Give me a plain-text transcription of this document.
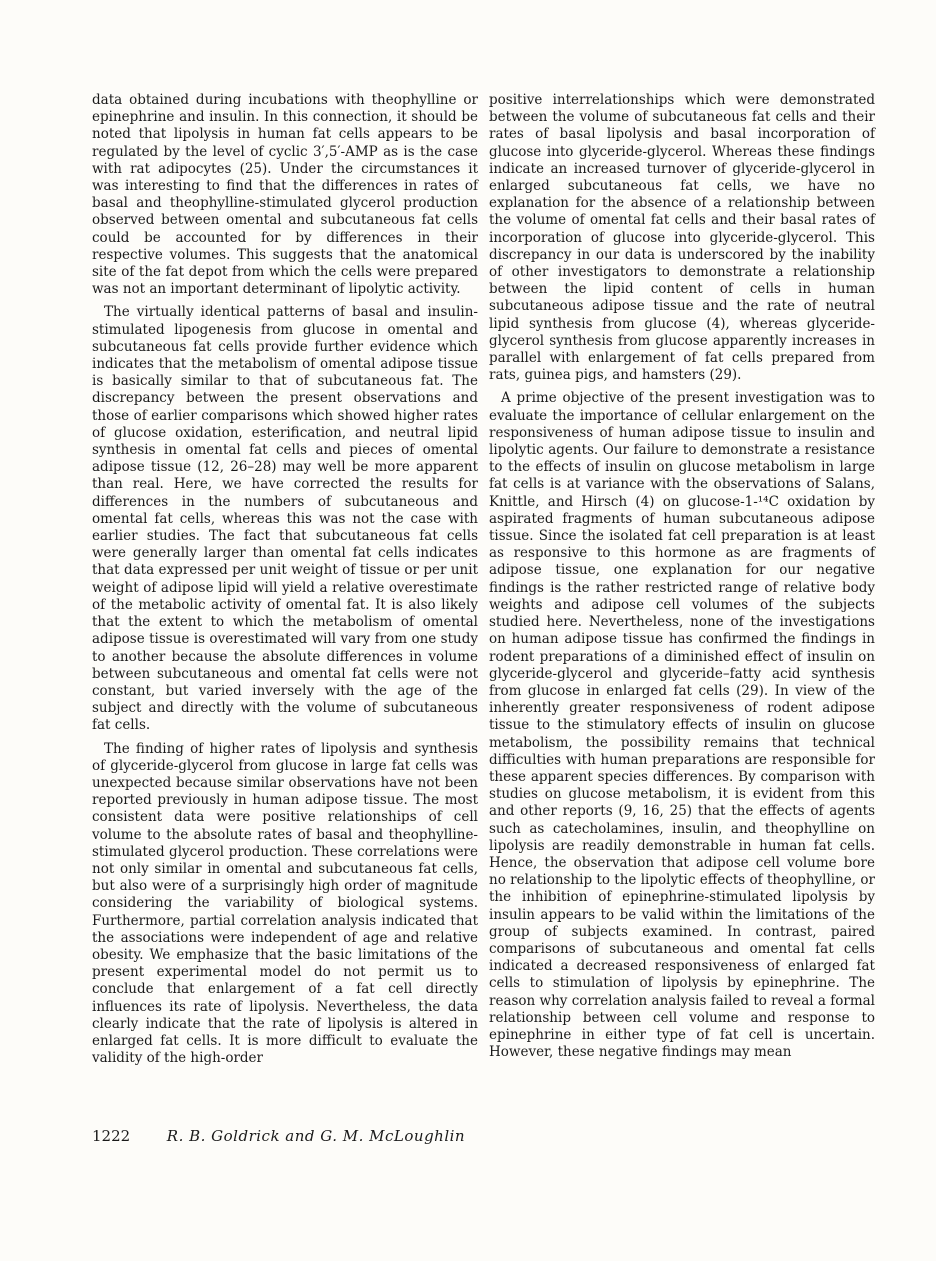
data obtained during incubations with theophylline or epinephrine and insulin. In this connection, it should be noted that lipolysis in human fat cells appears to be regulated by the level of cyclic 3′,5′-AMP as is the case with rat adipocytes (25). Under the circumstances it was interesting to find that the differences in rates of basal and theophylline-stimulated glycerol production observed between omental and subcutaneous fat cells could be accounted for by differences in their respective volumes. This suggests that the anatomical site of the fat depot from which the cells were prepared was not an important determinant of lipolytic activity.

The virtually identical patterns of basal and insulin-stimulated lipogenesis from glucose in omental and subcutaneous fat cells provide further evidence which indicates that the metabolism of omental adipose tissue is basically similar to that of subcutaneous fat. The discrepancy between the present observations and those of earlier comparisons which showed higher rates of glucose oxidation, esterification, and neutral lipid synthesis in omental fat cells and pieces of omental adipose tissue (12, 26–28) may well be more apparent than real. Here, we have corrected the results for differences in the numbers of subcutaneous and omental fat cells, whereas this was not the case with earlier studies. The fact that subcutaneous fat cells were generally larger than omental fat cells indicates that data expressed per unit weight of tissue or per unit weight of adipose lipid will yield a relative overestimate of the metabolic activity of omental fat. It is also likely that the extent to which the metabolism of omental adipose tissue is overestimated will vary from one study to another because the absolute differences in volume between subcutaneous and omental fat cells were not constant, but varied inversely with the age of the subject and directly with the volume of subcutaneous fat cells.

The finding of higher rates of lipolysis and synthesis of glyceride-glycerol from glucose in large fat cells was unexpected because similar observations have not been reported previously in human adipose tissue. The most consistent data were positive relationships of cell volume to the absolute rates of basal and theophylline-stimulated glycerol production. These correlations were not only similar in omental and subcutaneous fat cells, but also were of a surprisingly high order of magnitude considering the variability of biological systems. Furthermore, partial correlation analysis indicated that the associations were independent of age and relative obesity. We emphasize that the basic limitations of the present experimental model do not permit us to conclude that enlargement of a fat cell directly influences its rate of lipolysis. Nevertheless, the data clearly indicate that the rate of lipolysis is altered in enlarged fat cells. It is more difficult to evaluate the validity of the high-order

positive interrelationships which were demonstrated between the volume of subcutaneous fat cells and their rates of basal lipolysis and basal incorporation of glucose into glyceride-glycerol. Whereas these findings indicate an increased turnover of glyceride-glycerol in enlarged subcutaneous fat cells, we have no explanation for the absence of a relationship between the volume of omental fat cells and their basal rates of incorporation of glucose into glyceride-glycerol. This discrepancy in our data is underscored by the inability of other investigators to demonstrate a relationship between the lipid content of cells in human subcutaneous adipose tissue and the rate of neutral lipid synthesis from glucose (4), whereas glyceride-glycerol synthesis from glucose apparently increases in parallel with enlargement of fat cells prepared from rats, guinea pigs, and hamsters (29).

A prime objective of the present investigation was to evaluate the importance of cellular enlargement on the responsiveness of human adipose tissue to insulin and lipolytic agents. Our failure to demonstrate a resistance to the effects of insulin on glucose metabolism in large fat cells is at variance with the observations of Salans, Knittle, and Hirsch (4) on glucose-1-¹⁴C oxidation by aspirated fragments of human subcutaneous adipose tissue. Since the isolated fat cell preparation is at least as responsive to this hormone as are fragments of adipose tissue, one explanation for our negative findings is the rather restricted range of relative body weights and adipose cell volumes of the subjects studied here. Nevertheless, none of the investigations on human adipose tissue has confirmed the findings in rodent preparations of a diminished effect of insulin on glyceride-glycerol and glyceride–fatty acid synthesis from glucose in enlarged fat cells (29). In view of the inherently greater responsiveness of rodent adipose tissue to the stimulatory effects of insulin on glucose metabolism, the possibility remains that technical difficulties with human preparations are responsible for these apparent species differences. By comparison with studies on glucose metabolism, it is evident from this and other reports (9, 16, 25) that the effects of agents such as catecholamines, insulin, and theophylline on lipolysis are readily demonstrable in human fat cells. Hence, the observation that adipose cell volume bore no relationship to the lipolytic effects of theophylline, or the inhibition of epinephrine-stimulated lipolysis by insulin appears to be valid within the limitations of the group of subjects examined. In contrast, paired comparisons of subcutaneous and omental fat cells indicated a decreased responsiveness of enlarged fat cells to stimulation of lipolysis by epinephrine. The reason why correlation analysis failed to reveal a formal relationship between cell volume and response to epinephrine in either type of fat cell is uncertain. However, these negative findings may mean

1222 R. B. Goldrick and G. M. McLoughlin
